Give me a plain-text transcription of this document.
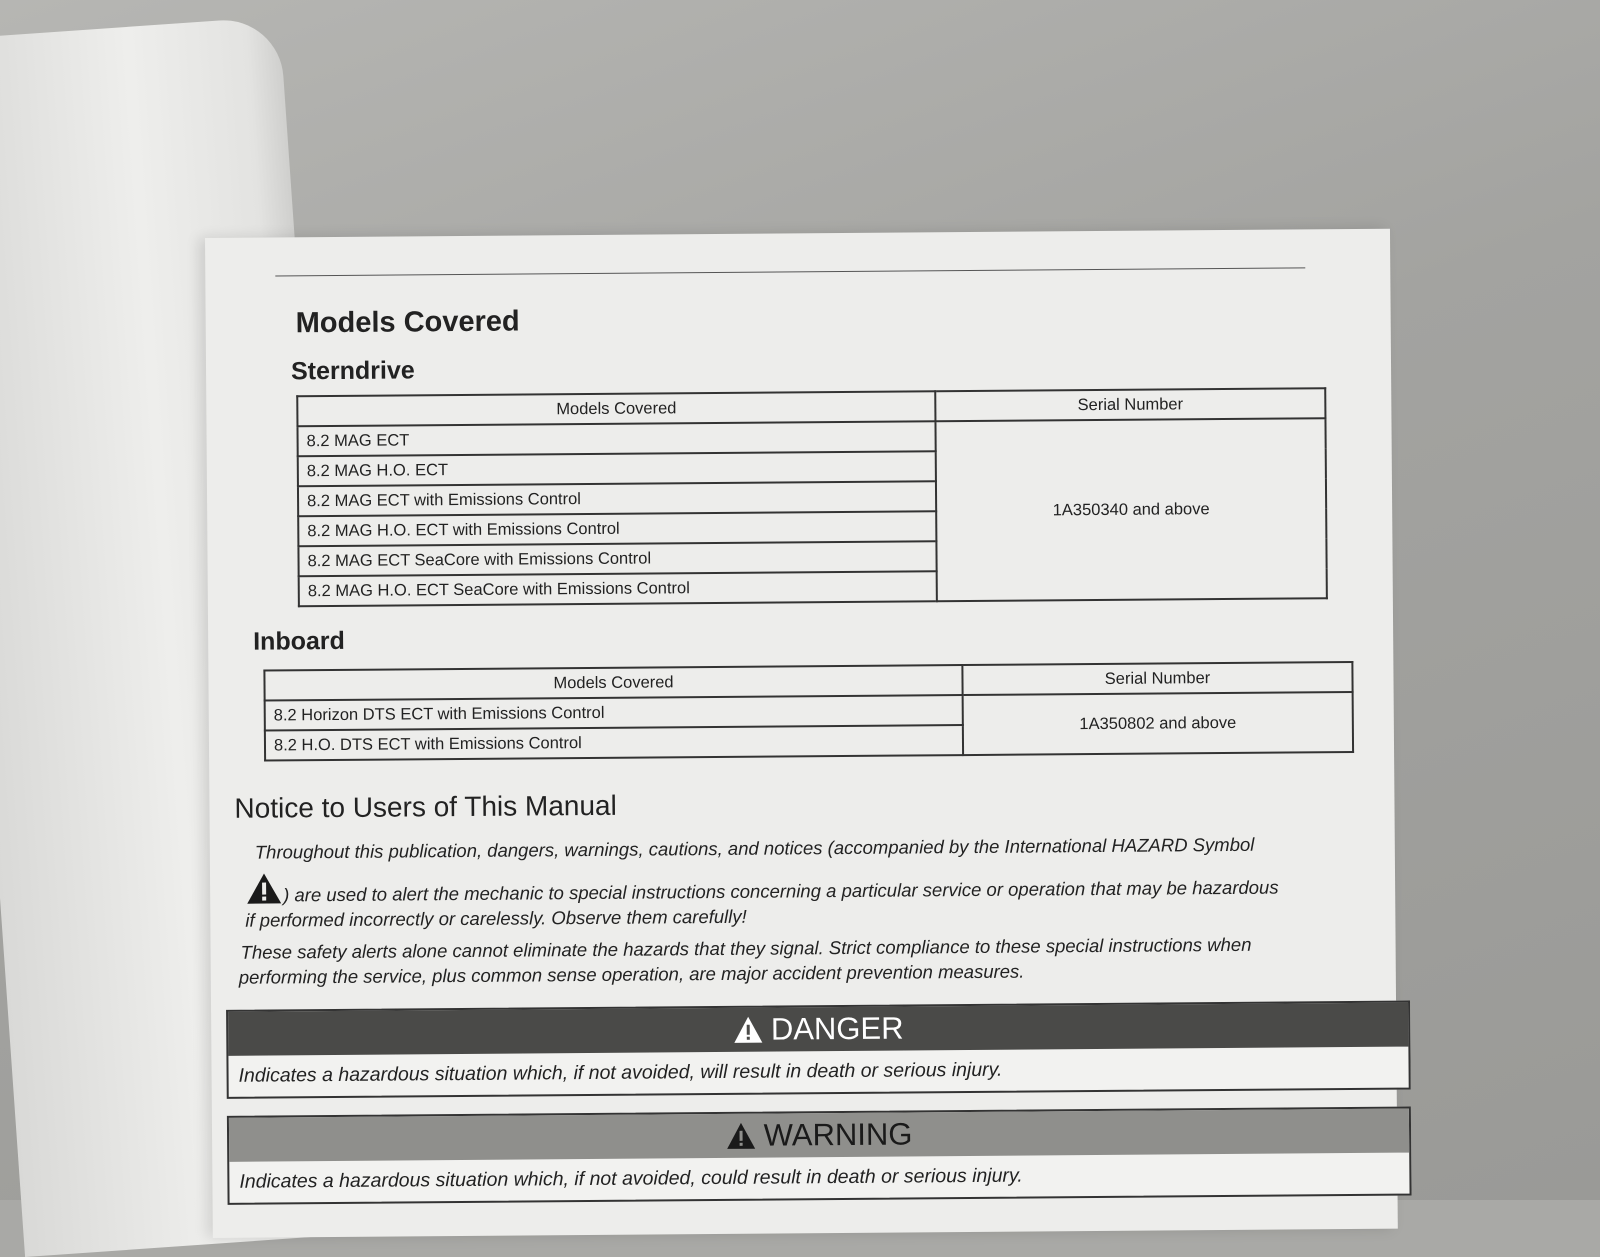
Models Covered
Sterndrive
Models Covered	Serial Number
8.2 MAG ECT	1A350340 and above
8.2 MAG H.O. ECT	
8.2 MAG ECT with Emissions Control	
8.2 MAG H.O. ECT with Emissions Control	
8.2 MAG ECT SeaCore with Emissions Control	
8.2 MAG H.O. ECT SeaCore with Emissions Control	
Inboard
Models Covered	Serial Number
8.2 Horizon DTS ECT with Emissions Control	1A350802 and above
8.2 H.O. DTS ECT with Emissions Control	
Notice to Users of This Manual

Throughout this publication, dangers, warnings, cautions, and notices (accompanied by the International HAZARD Symbol

) are used to alert the mechanic to special instructions concerning a particular service or operation that may be hazardous

if performed incorrectly or carelessly. Observe them carefully!

These safety alerts alone cannot eliminate the hazards that they signal. Strict compliance to these special instructions when

performing the service, plus common sense operation, are major accident prevention measures.

DANGER
Indicates a hazardous situation which, if not avoided, will result in death or serious injury.
WARNING
Indicates a hazardous situation which, if not avoided, could result in death or serious injury.
